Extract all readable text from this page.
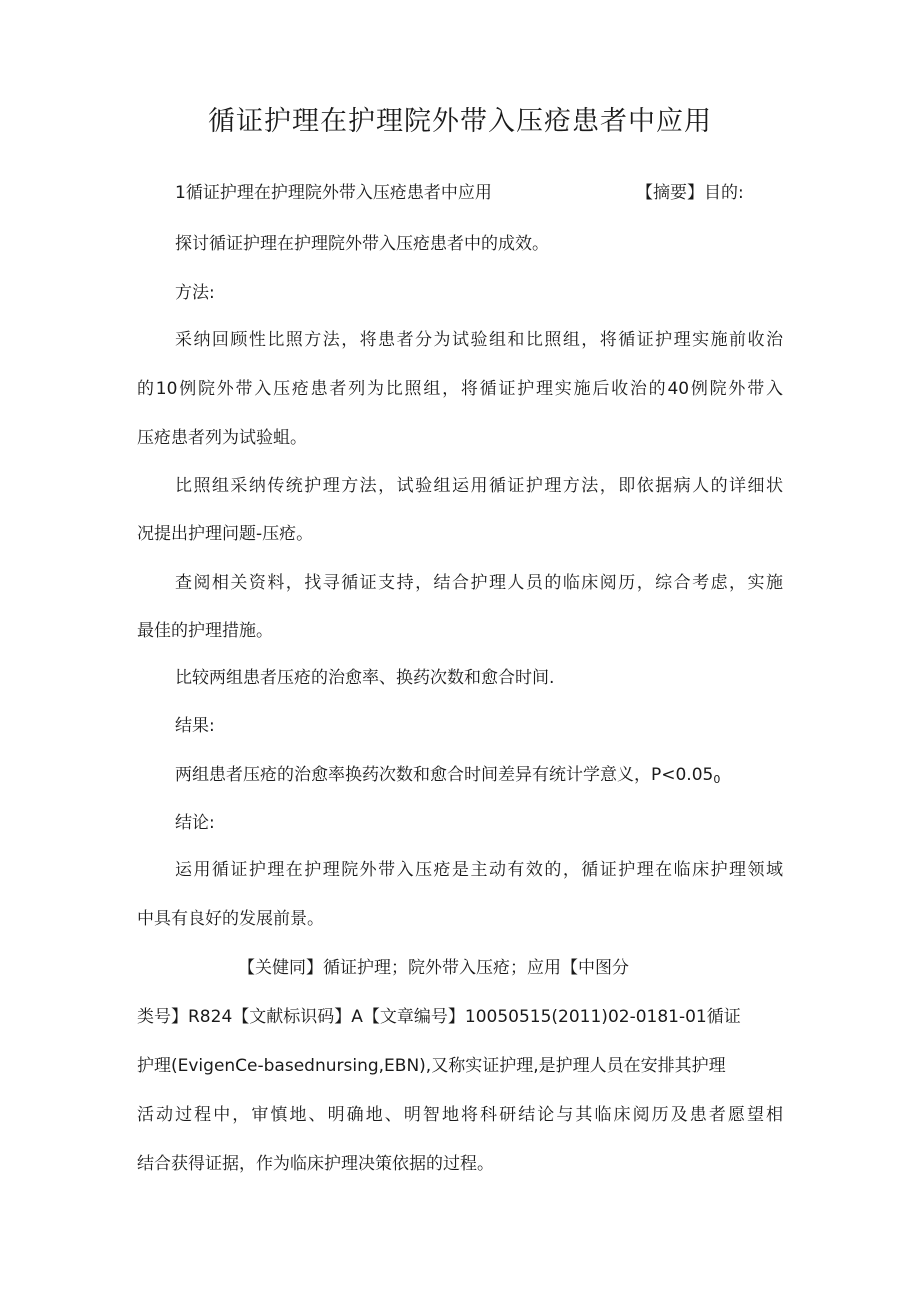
循证护理在护理院外带入压疮患者中应用
1循证护理在护理院外带入压疮患者中应用	【摘要】目的:
探讨循证护理在护理院外带入压疮患者中的成效。
方法:
采纳回顾性比照方法，将患者分为试验组和比照组，将循证护理实施前收治
的10例院外带入压疮患者列为比照组，将循证护理实施后收治的40例院外带入
压疮患者列为试验蛆。
比照组采纳传统护理方法，试验组运用循证护理方法，即依据病人的详细状
况提出护理问题-压疮。
查阅相关资料，找寻循证支持，结合护理人员的临床阅历，综合考虑，实施
最佳的护理措施。
比较两组患者压疮的治愈率、换药次数和愈合时间.
结果:
两组患者压疮的治愈率换药次数和愈合时间差异有统计学意义，$P<0.05_0$
结论:
运用循证护理在护理院外带入压疮是主动有效的，循证护理在临床护理领域
中具有良好的发展前景。
【关健同】循证护理；院外带入压疮；应用【中图分
类号】R824【文献标识码】A【文章编号】10050515(2011)02-0181-01循证
护理(EvigenCe-basednursing,EBN),又称实证护理,是护理人员在安排其护理
活动过程中，审慎地、明确地、明智地将科研结论与其临床阅历及患者愿望相
结合获得证据，作为临床护理决策依据的过程。
